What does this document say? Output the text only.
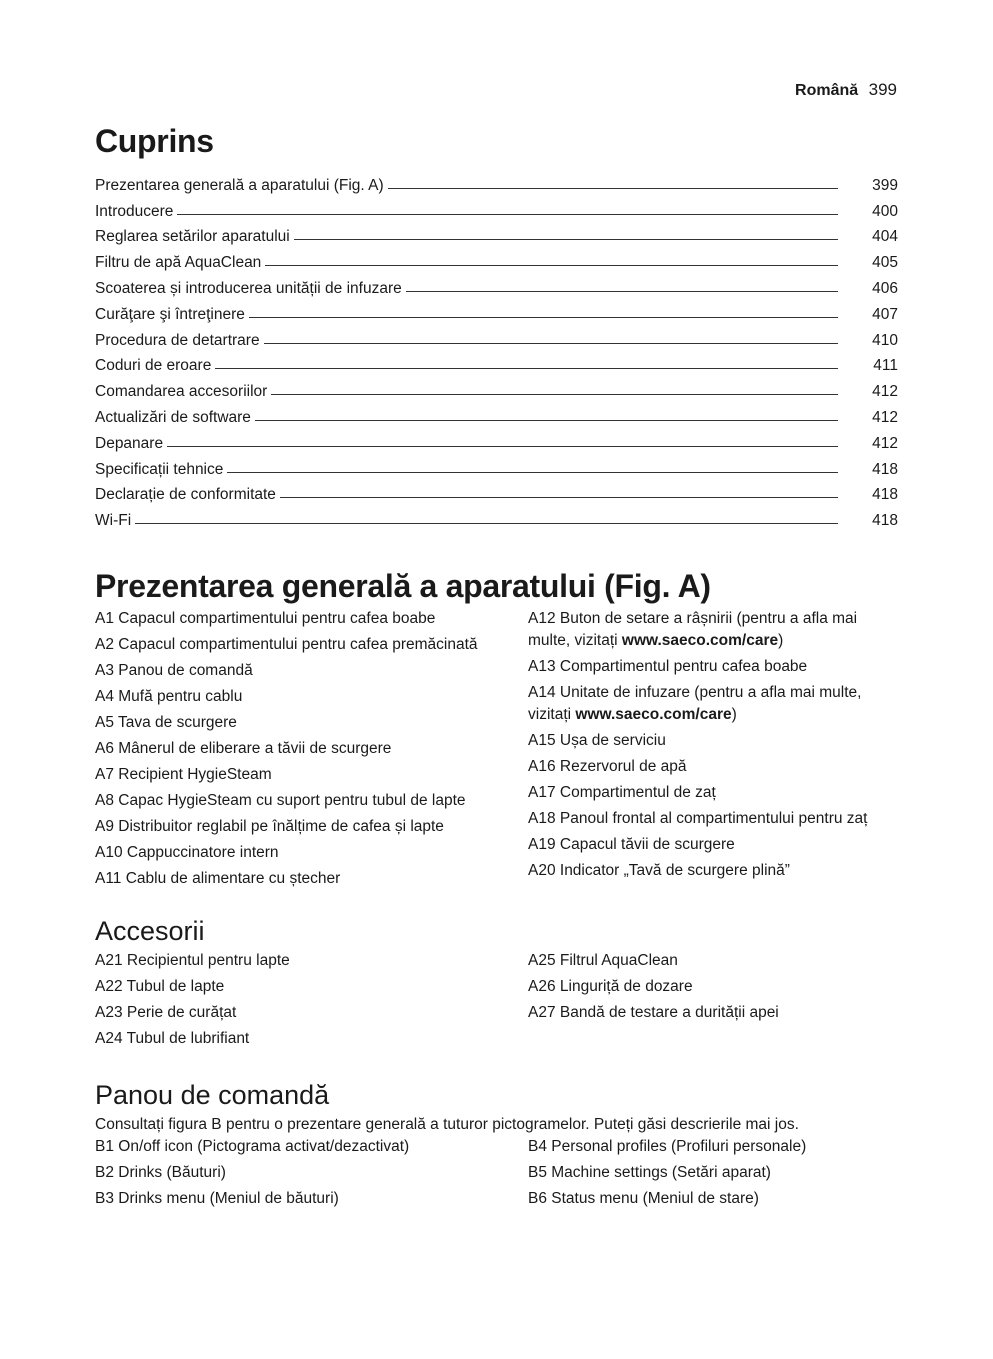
Română 399
Cuprins
Prezentarea generală a aparatului (Fig. A)	399
Introducere	400
Reglarea setărilor aparatului	404
Filtru de apă AquaClean	405
Scoaterea și introducerea unității de infuzare	406
Curăţare şi întreţinere	407
Procedura de detartrare	410
Coduri de eroare	411
Comandarea accesoriilor	412
Actualizări de software	412
Depanare	412
Specificații tehnice	418
Declarație de conformitate	418
Wi-Fi	418
Prezentarea generală a aparatului (Fig. A)
A1 Capacul compartimentului pentru cafea boabe
A2 Capacul compartimentului pentru cafea premăcinată
A3 Panou de comandă
A4 Mufă pentru cablu
A5 Tava de scurgere
A6 Mânerul de eliberare a tăvii de scurgere
A7 Recipient HygieSteam
A8 Capac HygieSteam cu suport pentru tubul de lapte
A9 Distribuitor reglabil pe înălțime de cafea și lapte
A10 Cappuccinatore intern
A11 Cablu de alimentare cu ștecher
A12 Buton de setare a râșnirii (pentru a afla mai multe, vizitați www.saeco.com/care)
A13 Compartimentul pentru cafea boabe
A14 Unitate de infuzare (pentru a afla mai multe, vizitați www.saeco.com/care)
A15 Ușa de serviciu
A16 Rezervorul de apă
A17 Compartimentul de zaț
A18 Panoul frontal al compartimentului pentru zaț
A19 Capacul tăvii de scurgere
A20 Indicator „Tavă de scurgere plină”
Accesorii
A21 Recipientul pentru lapte
A22 Tubul de lapte
A23 Perie de curățat
A24 Tubul de lubrifiant
A25 Filtrul AquaClean
A26 Linguriță de dozare
A27 Bandă de testare a durității apei
Panou de comandă
Consultați figura B pentru o prezentare generală a tuturor pictogramelor. Puteți găsi descrierile mai jos.
B1 On/off icon (Pictograma activat/dezactivat)
B2 Drinks (Băuturi)
B3 Drinks menu (Meniul de băuturi)
B4 Personal profiles (Profiluri personale)
B5 Machine settings (Setări aparat)
B6 Status menu (Meniul de stare)
